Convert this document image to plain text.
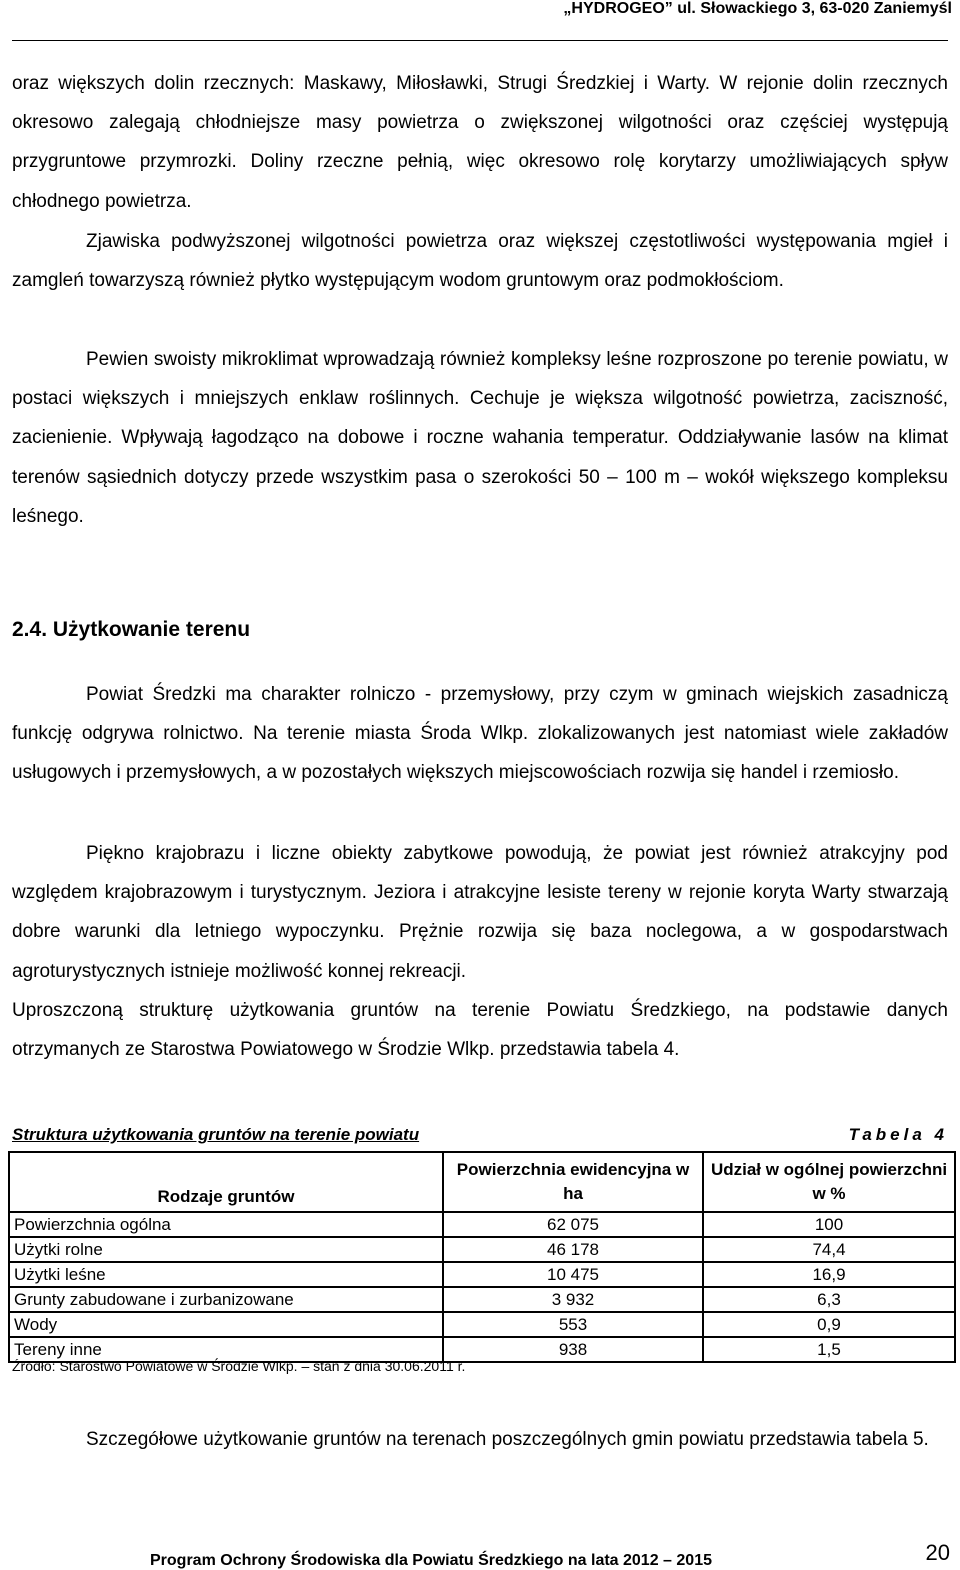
„HYDROGEO” ul. Słowackiego 3, 63-020 Zaniemyśl
oraz większych dolin rzecznych: Maskawy, Miłosławki, Strugi Średzkiej i Warty. W rejonie dolin rzecznych okresowo zalegają chłodniejsze masy powietrza o zwiększonej wilgotności oraz częściej występują przygruntowe przymrozki. Doliny rzeczne pełnią, więc okresowo rolę korytarzy umożliwiających spływ chłodnego powietrza.
Zjawiska podwyższonej wilgotności powietrza oraz większej częstotliwości występowania mgieł i zamgleń towarzyszą również płytko występującym wodom gruntowym oraz podmokłościom.
Pewien swoisty mikroklimat wprowadzają również kompleksy leśne rozproszone po terenie powiatu, w postaci większych i mniejszych enklaw roślinnych. Cechuje je większa wilgotność powietrza, zaciszność, zacienienie. Wpływają łagodząco na dobowe i roczne wahania temperatur. Oddziaływanie lasów na klimat terenów sąsiednich dotyczy przede wszystkim pasa o szerokości 50 – 100 m – wokół większego kompleksu leśnego.
2.4. Użytkowanie terenu
Powiat Średzki ma charakter rolniczo - przemysłowy, przy czym w gminach wiejskich zasadniczą funkcję odgrywa rolnictwo. Na terenie miasta Środa Wlkp. zlokalizowanych jest natomiast wiele zakładów usługowych i przemysłowych, a w pozostałych większych miejscowościach rozwija się handel i rzemiosło.
Piękno krajobrazu i liczne obiekty zabytkowe powodują, że powiat jest również atrakcyjny pod względem krajobrazowym i turystycznym. Jeziora i atrakcyjne lesiste tereny w rejonie koryta Warty stwarzają dobre warunki dla letniego wypoczynku. Prężnie rozwija się baza noclegowa, a w gospodarstwach agroturystycznych istnieje możliwość konnej rekreacji.
Uproszczoną strukturę użytkowania gruntów na terenie Powiatu Średzkiego, na podstawie danych otrzymanych ze Starostwa Powiatowego w Środzie Wlkp. przedstawia tabela 4.
Struktura użytkowania gruntów na terenie powiatu	Tabela 4
Rodzaje gruntów	Powierzchnia ewidencyjna w ha	Udział w ogólnej powierzchni w %
Powierzchnia ogólna	62 075	100
Użytki rolne	46 178	74,4
Użytki leśne	10 475	16,9
Grunty zabudowane i zurbanizowane	3 932	6,3
Wody	553	0,9
Tereny inne	938	1,5
Źródło: Starostwo Powiatowe w Środzie Wlkp. – stan z dnia 30.06.2011 r.
Szczegółowe użytkowanie gruntów na terenach poszczególnych gmin powiatu przedstawia tabela 5.
Program Ochrony Środowiska dla Powiatu Średzkiego na lata 2012 – 2015	20
